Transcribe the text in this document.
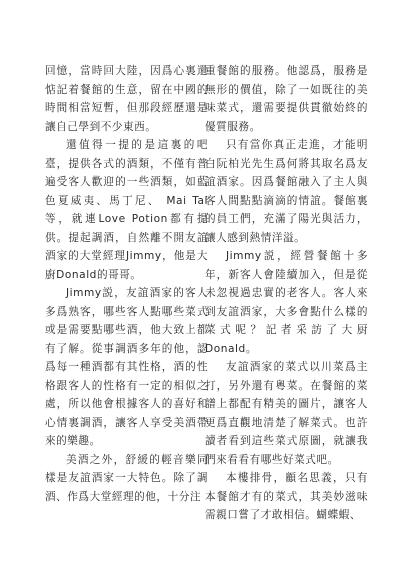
回憶，當時回大陸，因爲心裏還惦記着餐館的生意，留在中國的時間相當短暫，但那段經歷還是讓自己學到不少東西。

還值得一提的是這裏的吧臺，提供各式的酒類，不僅有普遍受客人歡迎的一些酒類，如藍色夏威夷、馬丁尼、 Mai Tai等，就連Love Potion都有提供。提起調酒，自然離不開友誼酒家的大堂經理Jimmy，他是大廚Donald的哥哥。

Jimmy説，友誼酒家的客人多爲熟客，哪些客人點哪些菜式或是需要點哪些酒，他大致上都有了解。從事調酒多年的他，認爲每一種酒都有其性格，酒的性格跟客人的性格有一定的相似之處，所以他會根據客人的喜好和心情裏調酒，讓客人享受美酒帶來的樂趣。

美酒之外，舒緩的輕音樂同樣是友誼酒家一大特色。除了調酒、作爲大堂經理的他，十分注

重餐館的服務。他認爲，服務是無形的價值，除了一如既往的美味菜式，還需要提供貫徹始終的優質服務。

只有當你真正走進，才能明白阮柏光先生爲何將其取名爲友誼酒家。因爲餐館融入了主人與客人間點點滴滴的情誼。餐館裏的員工們，充滿了陽光與活力，讓人感到熱情洋溢。

Jimmy説，經營餐館十多年，新客人會陸續加入，但是從未忽視過忠實的老客人。客人來到友誼酒家，大多會點什么樣的菜式呢？記者采訪了大厨Donald。

友誼酒家的菜式以川菜爲主打，另外還有粵菜。在餐館的菜譜上都配有精美的圖片，讓客人更爲直觀地清楚了解菜式。也許讀者看到這些菜式原圖，就讓我們來看看有哪些好菜式吧。

本樓排骨，顧名思義，只有本餐館才有的菜式，其美妙滋味需親口嘗了才敢相信。蝴蝶蝦、
